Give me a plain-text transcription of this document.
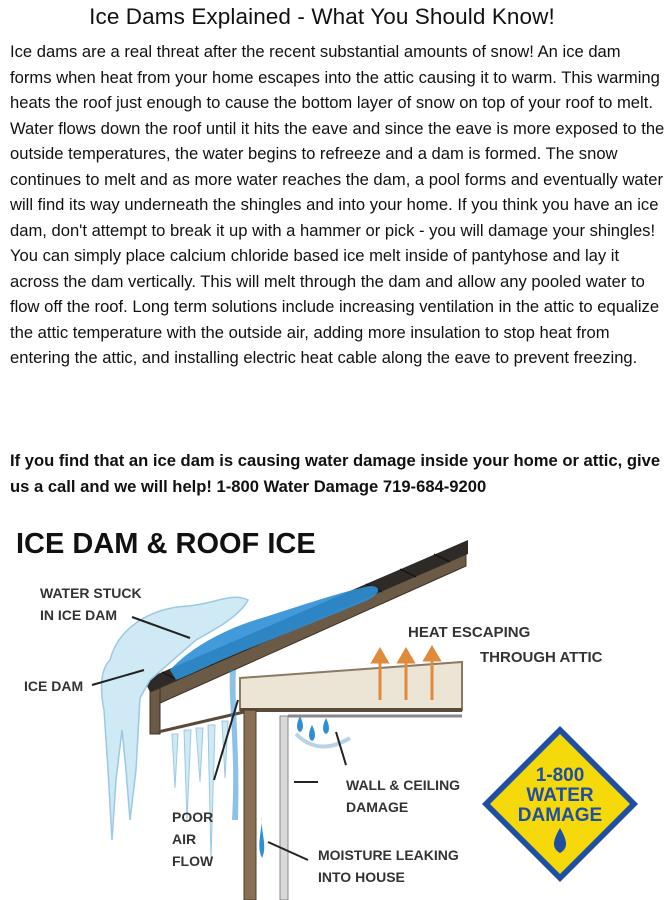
Ice Dams Explained - What You Should Know!
Ice dams are a real threat after the recent substantial amounts of snow! An ice dam forms when heat from your home escapes into the attic causing it to warm. This warming heats the roof just enough to cause the bottom layer of snow on top of your roof to melt. Water flows down the roof until it hits the eave and since the eave is more exposed to the outside temperatures, the water begins to refreeze and a dam is formed. The snow continues to melt and as more water reaches the dam, a pool forms and eventually water will find its way underneath the shingles and into your home. If you think you have an ice dam, don't attempt to break it up with a hammer or pick - you will damage your shingles! You can simply place calcium chloride based ice melt inside of pantyhose and lay it across the dam vertically. This will melt through the dam and allow any pooled water to flow off the roof. Long term solutions include increasing ventilation in the attic to equalize the attic temperature with the outside air, adding more insulation to stop heat from entering the attic, and installing electric heat cable along the eave to prevent freezing.
If you find that an ice dam is causing water damage inside your home or attic, give us a call and we will help! 1-800 Water Damage 719-684-9200
ICE DAM & ROOF ICE
WATER STUCK
IN ICE DAM
ICE DAM
HEAT ESCAPING
THROUGH ATTIC
WALL & CEILING
DAMAGE
POOR
AIR
FLOW	MOISTURE LEAKING
INTO HOUSE
1-800
WATER
DAMAGE
